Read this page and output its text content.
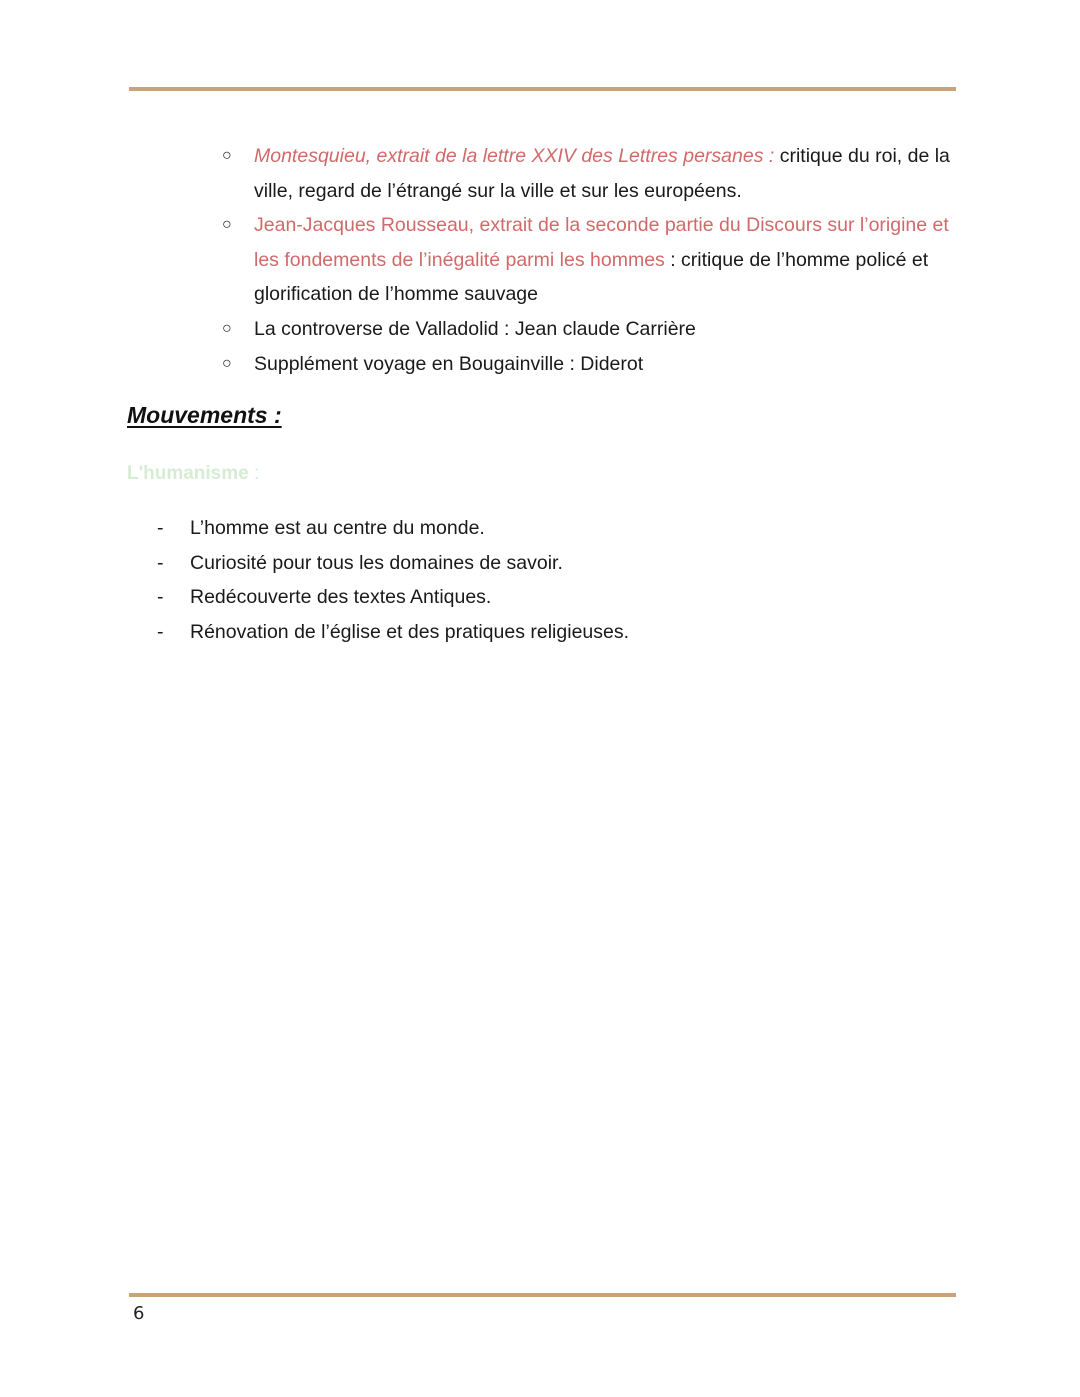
○ Montesquieu, extrait de la lettre XXIV des Lettres persanes : critique du roi, de la ville, regard de l’étrangé sur la ville et sur les européens.
○ Jean-Jacques Rousseau, extrait de la seconde partie du Discours sur l’origine et les fondements de l’inégalité parmi les hommes : critique de l’homme policé et glorification de l’homme sauvage
○ La controverse de Valladolid : Jean claude Carrière
○ Supplément voyage en Bougainville : Diderot
Mouvements :
L'humanisme :
- L’homme est au centre du monde.
- Curiosité pour tous les domaines de savoir.
- Redécouverte des textes Antiques.
- Rénovation de l’église et des pratiques religieuses.
6
